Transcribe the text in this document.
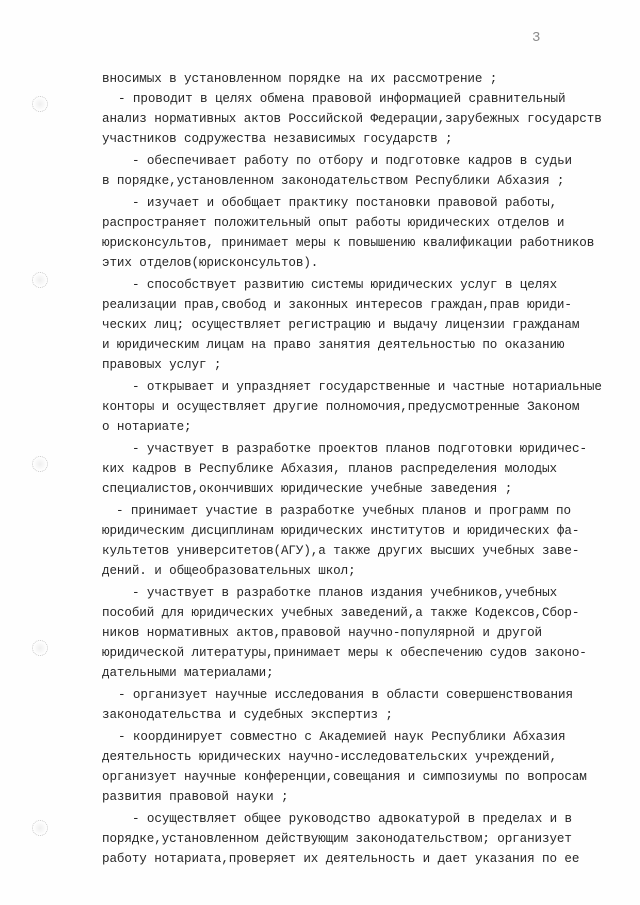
3
вносимых в установленном порядке на их рассмотрение ;
- проводит в целях обмена правовой информацией сравнительный
анализ нормативных актов Российской Федерации,зарубежных государств
участников содружества независимых государств ;
- обеспечивает работу по отбору и подготовке кадров в судьи
в порядке,установленном законодательством Республики Абхазия ;
- изучает и обобщает практику постановки правовой работы,
распространяет положительный опыт работы юридических отделов и
юрисконсультов, принимает меры к повышению квалификации работников
этих отделов(юрисконсультов).
- способствует развитию системы юридических услуг в целях
реализации прав,свобод и законных интересов граждан,прав юриди-
ческих лиц; осуществляет регистрацию и выдачу лицензии гражданам
и юридическим лицам на право занятия деятельностью по оказанию
правовых услуг ;
- открывает и упраздняет государственные и частные нотариальные
конторы и осуществляет другие полномочия,предусмотренные Законом
о нотариате;
- участвует в разработке проектов планов подготовки юридичес-
ких кадров в Республике Абхазия, планов распределения молодых
специалистов,окончивших юридические учебные заведения ;
- принимает участие в разработке учебных планов и программ по
юридическим дисциплинам юридических институтов и юридических фа-
культетов университетов(АГУ),а также других высших учебных заве-
дений. и общеобразовательных школ;
- участвует в разработке планов издания учебников,учебных
пособий для юридических учебных заведений,а также Кодексов,Сбор-
ников нормативных актов,правовой научно-популярной и другой
юридической литературы,принимает меры к обеспечению судов законо-
дательными материалами;
- организует научные исследования в области совершенствования
законодательства и судебных экспертиз ;
- координирует совместно с Академией наук Республики Абхазия
деятельность юридических научно-исследовательских учреждений,
организует научные конференции,совещания и симпозиумы по вопросам
развития правовой науки ;
- осуществляет общее руководство адвокатурой в пределах и в
порядке,установленном действующим законодательством; организует
работу нотариата,проверяет их деятельность и дает указания по ее
